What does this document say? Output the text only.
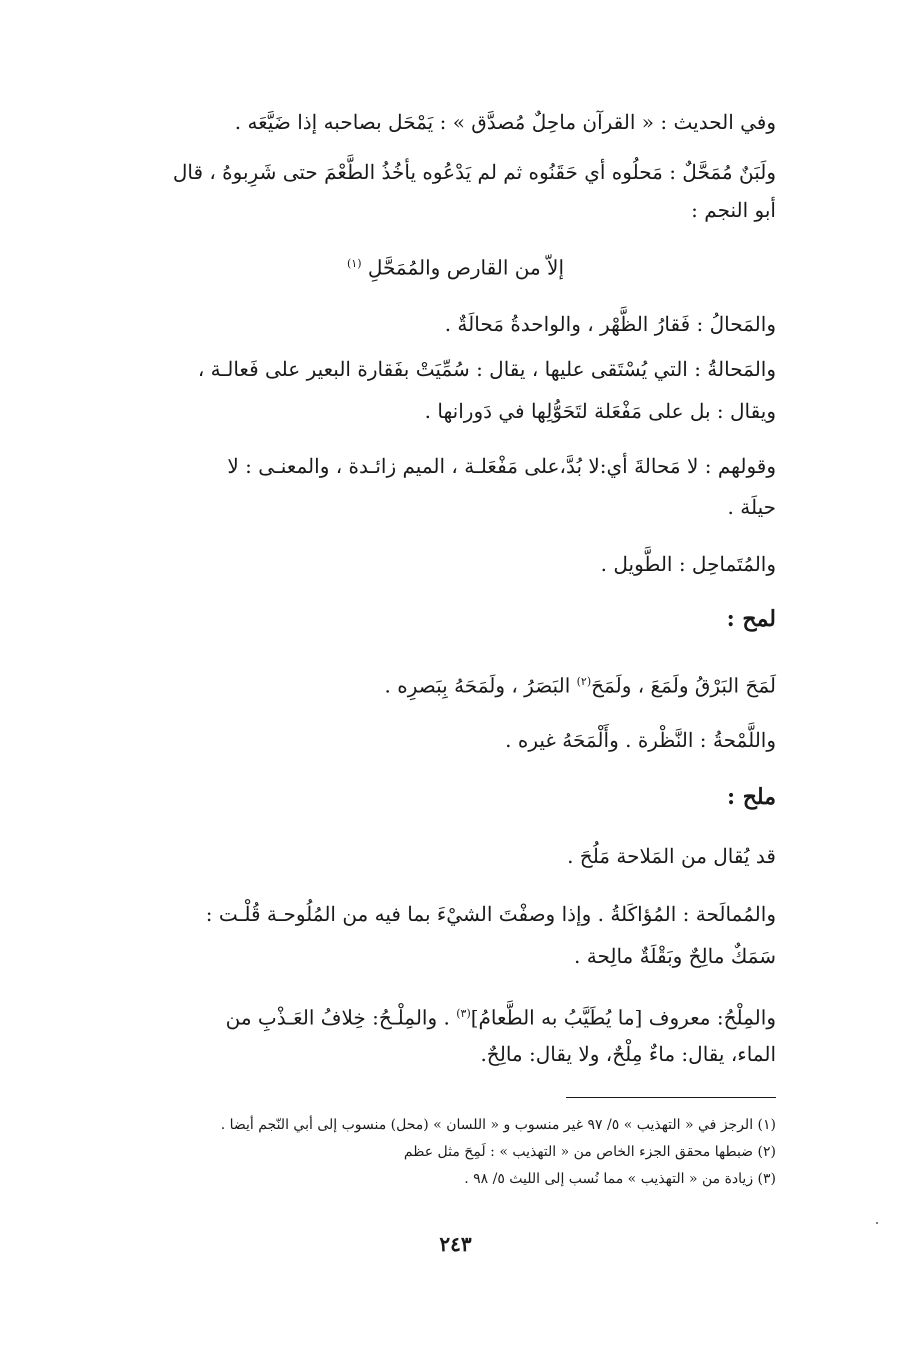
وفي الحديث : « القرآن ماحِلٌ مُصدَّق » : يَمْحَل بصاحبه إذا ضَيَّعَه .
ولَبَنٌ مُمَحَّلٌ : مَحلُوه أي حَقَنُوه ثم لم يَدْعُوه يأخُذُ الطَّعْمَ حتى شَرِبوهُ ، قال
أبو النجم :
إلاّ من القارص والمُمَحَّلِ $^{(١)}$
والمَحالُ : فَقارُ الظَّهْر ، والواحدةُ مَحالَةٌ .
والمَحالةُ : التي يُسْتَقى عليها ، يقال : سُمِّيَتْ بفَقارة البعير على فَعالـة ،
ويقال : بل على مَفْعَلة لتَحَوُّلِها في دَورانها .
وقولهم : لا مَحالةَ أي:لا بُدَّ،على مَفْعَلـة ، الميم زائـدة ، والمعنـى : لا
حيلَة .
والمُتَماحِل : الطَّويل .
لمح :
لَمَحَ البَرْقُ ولَمَعَ ، ولَمَحَ$^{(٢)}$ البَصَرُ ، ولَمَحَهُ بِبَصرِه .
واللَّمْحةُ : النَّظْرة . وأَلْمَحَهُ غيره .
ملح :
قد يُقال من المَلاحة مَلُحَ .
والمُمالَحة : المُؤاكَلةُ . وإذا وصفْتَ الشيْءَ بما فيه من المُلُوحـة قُلْـت :
سَمَكٌ مالِحٌ وبَقْلَةٌ مالِحة .
والمِلْحُ: معروف [ما يُطَيَّبُ به الطَّعامُ]$^{(٣)}$ . والمِلْـحُ: خِلافُ العَـذْبِ من
الماء، يقال: ماءٌ مِلْحٌ، ولا يقال: مالِحٌ.
(١) الرجز في « التهذيب » ٥/ ٩٧ غير منسوب و « اللسان » (محل) منسوب إلى أبي النّجم أيضا .
(٢) ضبطها محقق الجزء الخاص من « التهذيب » : لَمِحَ مثل عظم
(٣) زيادة من « التهذيب » مما نُسب إلى الليث ٥/ ٩٨ .
٢٤٣
